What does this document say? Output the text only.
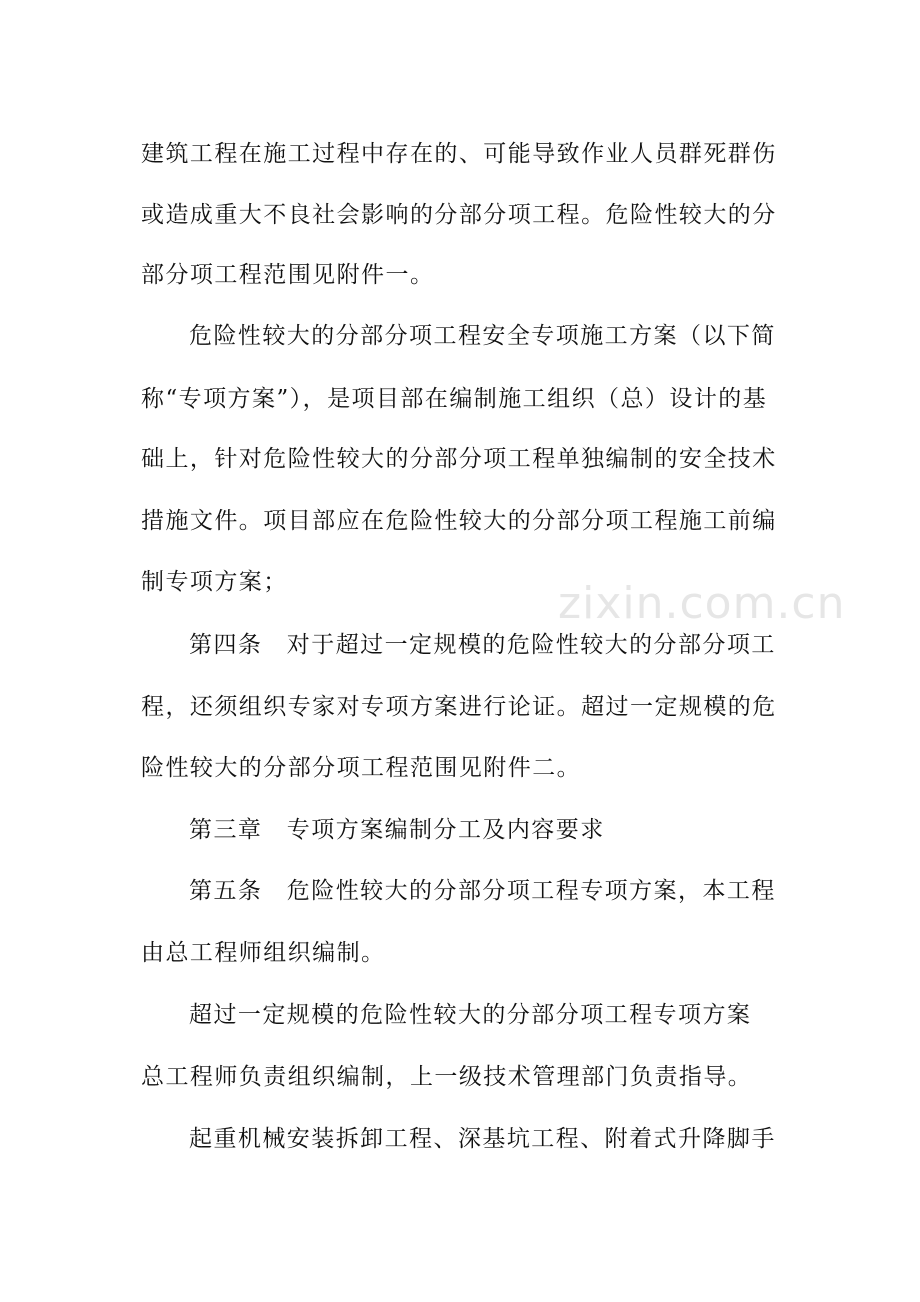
zixin.com.cn
建筑工程在施工过程中存在的、可能导致作业人员群死群伤
或造成重大不良社会影响的分部分项工程。危险性较大的分
部分项工程范围见附件一。
危险性较大的分部分项工程安全专项施工方案（以下简
称“专项方案”），是项目部在编制施工组织（总）设计的基
础上，针对危险性较大的分部分项工程单独编制的安全技术
措施文件。项目部应在危险性较大的分部分项工程施工前编
制专项方案；
第四条　对于超过一定规模的危险性较大的分部分项工
程，还须组织专家对专项方案进行论证。超过一定规模的危
险性较大的分部分项工程范围见附件二。
第三章　专项方案编制分工及内容要求
第五条　危险性较大的分部分项工程专项方案，本工程
由总工程师组织编制。
超过一定规模的危险性较大的分部分项工程专项方案
总工程师负责组织编制，上一级技术管理部门负责指导。
起重机械安装拆卸工程、深基坑工程、附着式升降脚手
